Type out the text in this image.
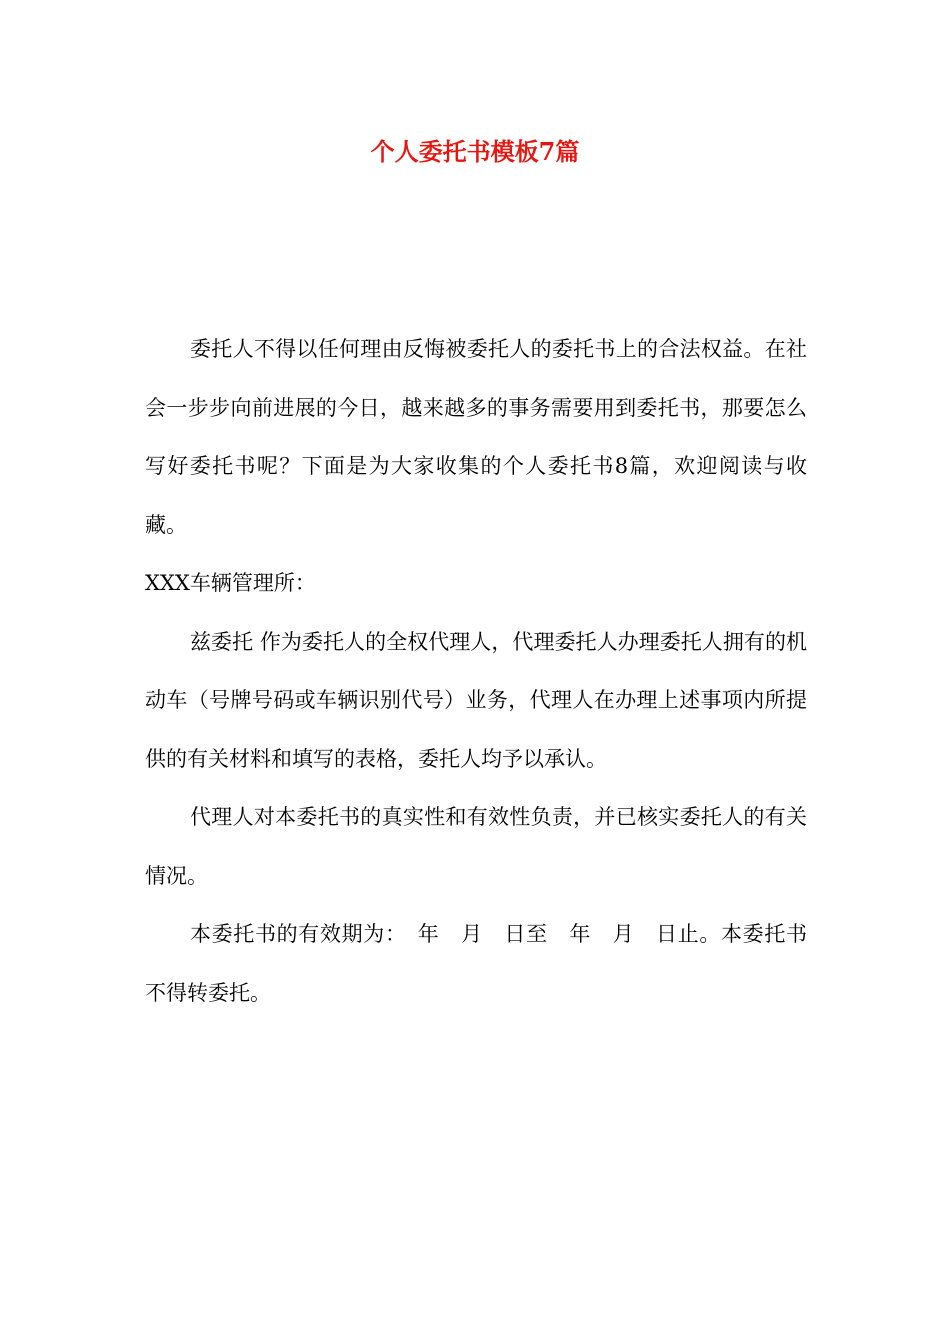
个人委托书模板7篇

委托人不得以任何理由反悔被委托人的委托书上的合法权益。在社会一步步向前进展的今日，越来越多的事务需要用到委托书，那要怎么写好委托书呢？下面是为大家收集的个人委托书8篇，欢迎阅读与收藏。

XXX车辆管理所：

兹委托 作为委托人的全权代理人，代理委托人办理委托人拥有的机动车（号牌号码或车辆识别代号）业务，代理人在办理上述事项内所提供的有关材料和填写的表格，委托人均予以承认。

代理人对本委托书的真实性和有效性负责，并已核实委托人的有关情况。

本委托书的有效期为：　年　月　日至　年　月　日止。本委托书不得转委托。
